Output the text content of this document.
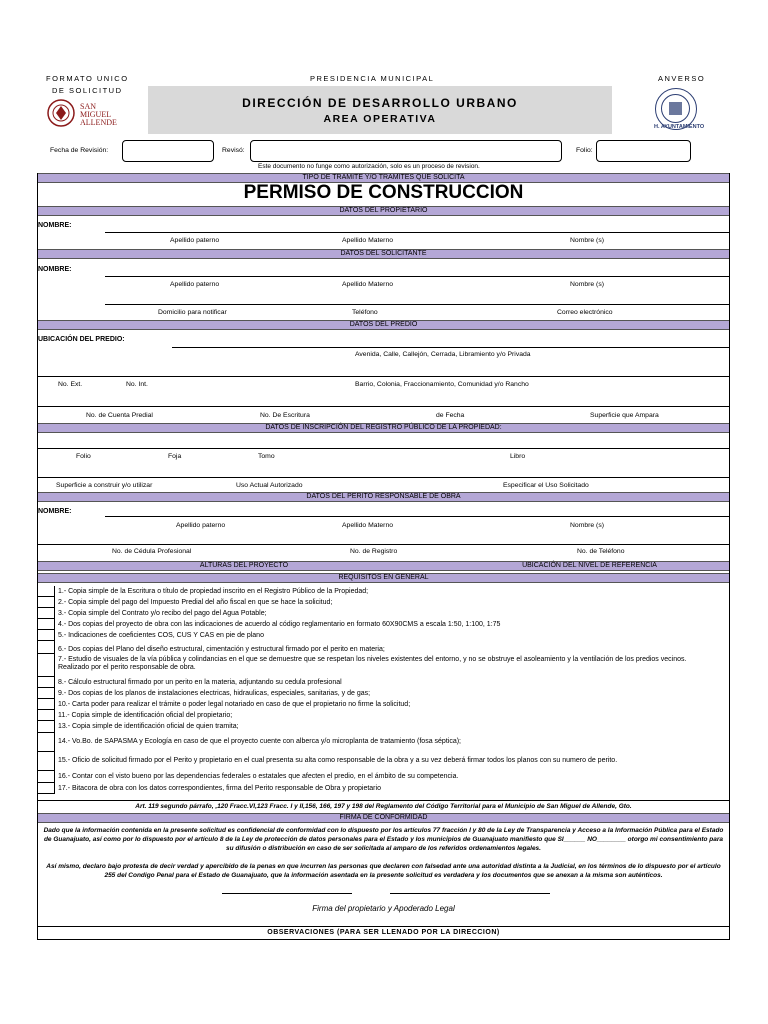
FORMATO UNICO
DE SOLICITUD
PRESIDENCIA MUNICIPAL	ANVERSO
SAN
MIGUEL
ALLENDE
DIRECCIÓN DE DESARROLLO URBANO
AREA OPERATIVA
H. AYUNTAMIENTO
Fecha de Revisión:	Revisó:	Folio:
Este documento no funge como autorización, solo es un proceso de revision.
TIPO DE TRAMITE Y/O TRAMITES QUE SOLICITA
PERMISO DE CONSTRUCCION
DATOS DEL PROPIETARIO
NOMBRE:
Apellido paterno	Apellido Materno	Nombre (s)
DATOS DEL SOLICITANTE
NOMBRE:
Apellido paterno	Apellido Materno	Nombre (s)
Domicilio para notificar	Teléfono	Correo electrónico
DATOS DEL PREDIO
UBICACIÓN DEL PREDIO:
Avenida, Calle, Callejón, Cerrada, Libramiento y/o Privada
No. Ext.	No. Int.	Barrio, Colonia, Fraccionamiento, Comunidad y/o Rancho
No. de Cuenta Predial	No. De Escritura	de Fecha	Superficie que Ampara
DATOS DE INSCRIPCIÓN DEL REGISTRO PÚBLICO DE LA PROPIEDAD:
Folio	Foja	Tomo	Libro
Superficie a construir y/o utilizar	Uso Actual Autorizado	Especificar el Uso Solicitado
DATOS DEL PERITO RESPONSABLE DE OBRA
NOMBRE:
Apellido paterno	Apellido Materno	Nombre (s)
No. de Cédula Profesional	No. de Registro	No. de Teléfono
ALTURAS DEL PROYECTO	UBICACIÓN DEL NIVEL DE REFERENCIA
REQUISITOS EN GENERAL
1.- Copia simple de la Escritura o título de propiedad inscrito en el Registro Público de la Propiedad;
2.- Copia simple del pago del Impuesto Predial del año fiscal en que se hace la solicitud;
3.- Copia simple del Contrato y/o recibo del pago del Agua Potable;
4.- Dos copias del proyecto de obra con las indicaciones de acuerdo al código reglamentario en formato 60X90CMS a escala 1:50, 1:100, 1:75
5.- Indicaciones de coeficientes COS, CUS Y CAS en pie de plano
6.- Dos copias del Plano del diseño estructural, cimentación y estructural firmado por el perito en materia;
7.- Estudio de visuales de la vía pública y colindancias en el que se demuestre que se respetan los niveles existentes del entorno, y no se obstruye el asoleamiento y la ventilación de los predios vecinos. Realizado por el perito responsable de obra.
8.- Cálculo estructural firmado por un perito en la materia, adjuntando su cedula profesional
9.- Dos copias de los planos de instalaciones electricas, hidraulicas, especiales, sanitarias, y de gas;
10.- Carta poder para realizar el trámite o poder legal notariado en caso de que el propietario no firme la solicitud;
11.- Copia simple de identificación oficial del propietario;
13.- Copia simple de identificación oficial de quien tramita;
14.- Vo.Bo. de SAPASMA y Ecología en caso de que el proyecto cuente con alberca y/o microplanta de tratamiento (fosa séptica);
15.- Oficio de solicitud firmado por el Perito y propietario en el cual presenta su alta como responsable de la obra y a su vez deberá firmar todos los planos con su numero de perito.
16.- Contar con el visto bueno por las dependencias federales o estatales que afecten el predio, en el ámbito de su competencia.
17.- Bitacora de obra con los datos correspondientes, firma del Perito responsable de Obra y propietario
Art. 119 segundo párrafo, ,120 Fracc.VI,123 Fracc. I y II,156, 166, 197 y 198 del Reglamento del Código Territorial para el Municipio de San Miguel de Allende, Gto.
FIRMA DE CONFORMIDAD
Dado que la información contenida en la presente solicitud es confidencial de conformidad con lo dispuesto por los artículos 77 fracción I y 80 de la Ley de Transparencia y Acceso a la Información Pública para el Estado de Guanajuato, así como por lo dispuesto por el artículo 8 de la Ley de protección de datos personales para el Estado y los municipios de Guanajuato manifiesto que SI______ NO________ otorgo mi consentimiento para su difusión o distribución en caso de ser solicitada al amparo de los referidos ordenamientos legales.
Así mismo, declaro bajo protesta de decir verdad y apercibido de la penas en que incurren las personas que declaren con falsedad ante una autoridad distinta a la Judicial, en los términos de lo dispuesto por el artículo 255 del Condigo Penal para el Estado de Guanajuato, que la información asentada en la presente solicitud es verdadera y los documentos que se anexan a la misma son auténticos.
Firma del propietario y Apoderado Legal
OBSERVACIONES (PARA SER LLENADO POR LA DIRECCION)
